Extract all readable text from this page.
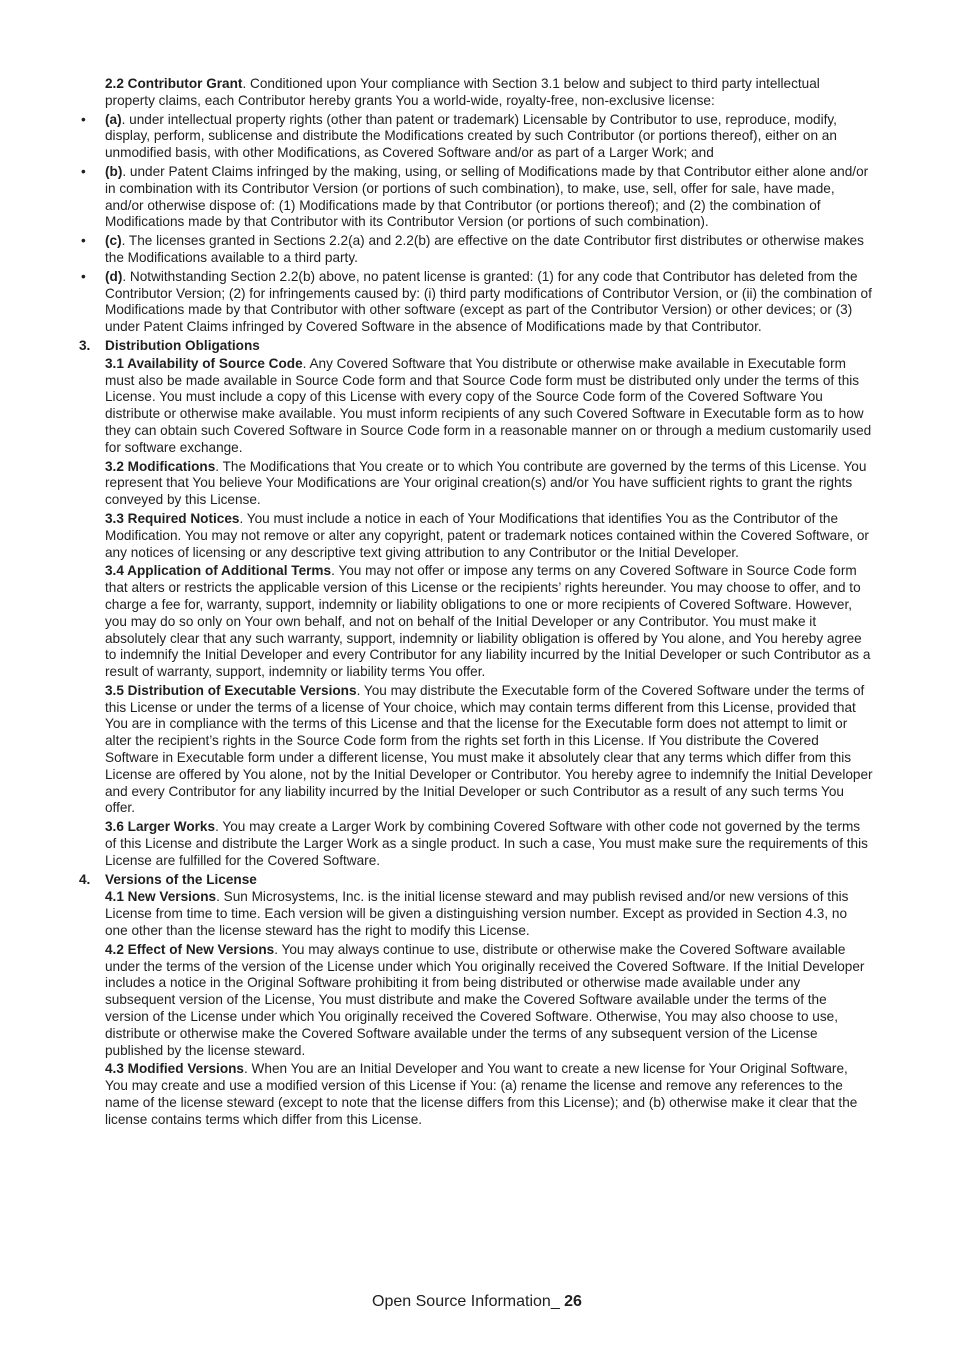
2.2 Contributor Grant. Conditioned upon Your compliance with Section 3.1 below and subject to third party intellectual property claims, each Contributor hereby grants You a world-wide, royalty-free, non-exclusive license:

• (a). under intellectual property rights (other than patent or trademark) Licensable by Contributor to use, reproduce, modify, display, perform, sublicense and distribute the Modifications created by such Contributor (or portions thereof), either on an unmodified basis, with other Modifications, as Covered Software and/or as part of a Larger Work; and
• (b). under Patent Claims infringed by the making, using, or selling of Modifications made by that Contributor either alone and/or in combination with its Contributor Version (or portions of such combination), to make, use, sell, offer for sale, have made, and/or otherwise dispose of: (1) Modifications made by that Contributor (or portions thereof); and (2) the combination of Modifications made by that Contributor with its Contributor Version (or portions of such combination).
• (c). The licenses granted in Sections 2.2(a) and 2.2(b) are effective on the date Contributor first distributes or otherwise makes the Modifications available to a third party.
• (d). Notwithstanding Section 2.2(b) above, no patent license is granted: (1) for any code that Contributor has deleted from the Contributor Version; (2) for infringements caused by: (i) third party modifications of Contributor Version, or (ii) the combination of Modifications made by that Contributor with other software (except as part of the Contributor Version) or other devices; or (3) under Patent Claims infringed by Covered Software in the absence of Modifications made by that Contributor.
3.	Distribution Obligations

3.1 Availability of Source Code. Any Covered Software that You distribute or otherwise make available in Executable form must also be made available in Source Code form and that Source Code form must be distributed only under the terms of this License. You must include a copy of this License with every copy of the Source Code form of the Covered Software You distribute or otherwise make available. You must inform recipients of any such Covered Software in Executable form as to how they can obtain such Covered Software in Source Code form in a reasonable manner on or through a medium customarily used for software exchange.

3.2 Modifications. The Modifications that You create or to which You contribute are governed by the terms of this License. You represent that You believe Your Modifications are Your original creation(s) and/or You have sufficient rights to grant the rights conveyed by this License.

3.3 Required Notices. You must include a notice in each of Your Modifications that identifies You as the Contributor of the Modification. You may not remove or alter any copyright, patent or trademark notices contained within the Covered Software, or any notices of licensing or any descriptive text giving attribution to any Contributor or the Initial Developer.

3.4 Application of Additional Terms. You may not offer or impose any terms on any Covered Software in Source Code form that alters or restricts the applicable version of this License or the recipients’ rights hereunder. You may choose to offer, and to charge a fee for, warranty, support, indemnity or liability obligations to one or more recipients of Covered Software. However, you may do so only on Your own behalf, and not on behalf of the Initial Developer or any Contributor. You must make it absolutely clear that any such warranty, support, indemnity or liability obligation is offered by You alone, and You hereby agree to indemnify the Initial Developer and every Contributor for any liability incurred by the Initial Developer or such Contributor as a result of warranty, support, indemnity or liability terms You offer.

3.5 Distribution of Executable Versions. You may distribute the Executable form of the Covered Software under the terms of this License or under the terms of a license of Your choice, which may contain terms different from this License, provided that You are in compliance with the terms of this License and that the license for the Executable form does not attempt to limit or alter the recipient’s rights in the Source Code form from the rights set forth in this License. If You distribute the Covered Software in Executable form under a different license, You must make it absolutely clear that any terms which differ from this License are offered by You alone, not by the Initial Developer or Contributor. You hereby agree to indemnify the Initial Developer and every Contributor for any liability incurred by the Initial Developer or such Contributor as a result of any such terms You offer.

3.6 Larger Works. You may create a Larger Work by combining Covered Software with other code not governed by the terms of this License and distribute the Larger Work as a single product. In such a case, You must make sure the requirements of this License are fulfilled for the Covered Software.

4.	Versions of the License

4.1 New Versions. Sun Microsystems, Inc. is the initial license steward and may publish revised and/or new versions of this License from time to time. Each version will be given a distinguishing version number. Except as provided in Section 4.3, no one other than the license steward has the right to modify this License.

4.2 Effect of New Versions. You may always continue to use, distribute or otherwise make the Covered Software available under the terms of the version of the License under which You originally received the Covered Software. If the Initial Developer includes a notice in the Original Software prohibiting it from being distributed or otherwise made available under any subsequent version of the License, You must distribute and make the Covered Software available under the terms of the version of the License under which You originally received the Covered Software. Otherwise, You may also choose to use, distribute or otherwise make the Covered Software available under the terms of any subsequent version of the License published by the license steward.

4.3 Modified Versions. When You are an Initial Developer and You want to create a new license for Your Original Software, You may create and use a modified version of this License if You: (a) rename the license and remove any references to the name of the license steward (except to note that the license differs from this License); and (b) otherwise make it clear that the license contains terms which differ from this License.

Open Source Information_ 26
